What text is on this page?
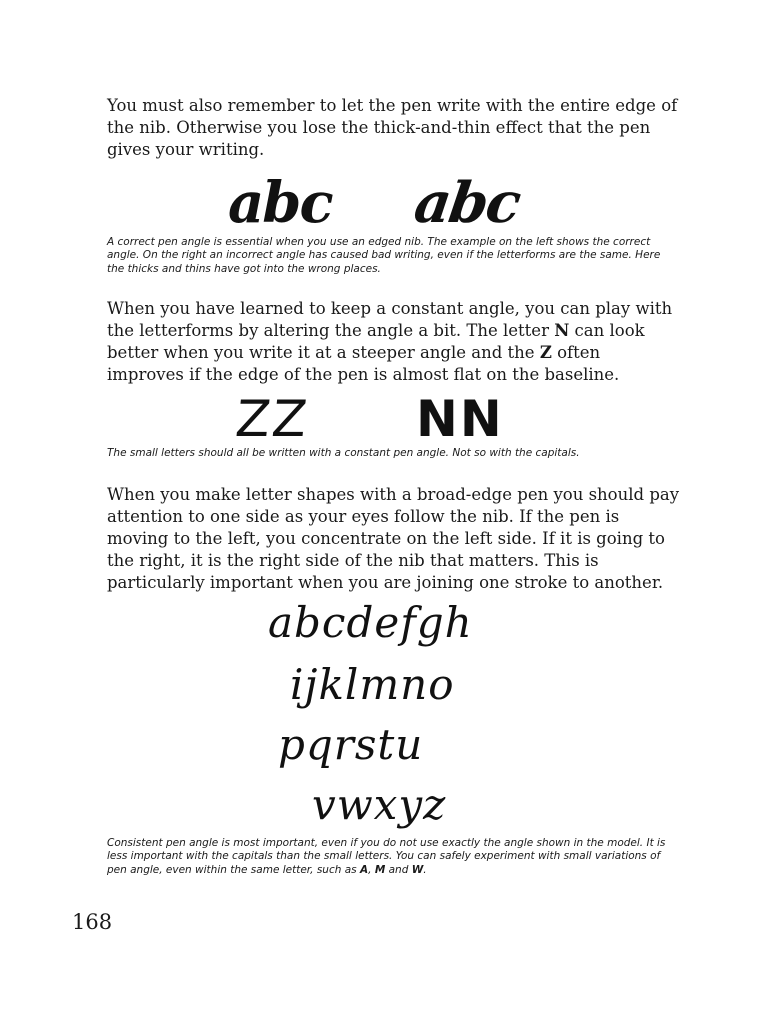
You must also remember to let the pen write with the entire edge of the nib. Otherwise you lose the thick-and-thin effect that the pen gives your writing.

abc abc

A correct pen angle is essential when you use an edged nib. The example on the left shows the correct angle. On the right an incorrect angle has caused bad writing, even if the letterforms are the same. Here the thicks and thins have got into the wrong places.

When you have learned to keep a constant angle, you can play with the letterforms by altering the angle a bit. The letter N can look better when you write it at a steeper angle and the Z often improves if the edge of the pen is almost flat on the baseline.

ZZ NN

The small letters should all be written with a constant pen angle. Not so with the capitals.

When you make letter shapes with a broad-edge pen you should pay attention to one side as your eyes follow the nib. If the pen is moving to the left, you concentrate on the left side. If it is going to the right, it is the right side of the nib that matters. This is particularly important when you are joining one stroke to another.

abcdefgh
ijklmno
pqrstu
vwxyz

Consistent pen angle is most important, even if you do not use exactly the angle shown in the model. It is less important with the capitals than the small letters. You can safely experiment with small variations of pen angle, even within the same letter, such as A, M and W.

168
